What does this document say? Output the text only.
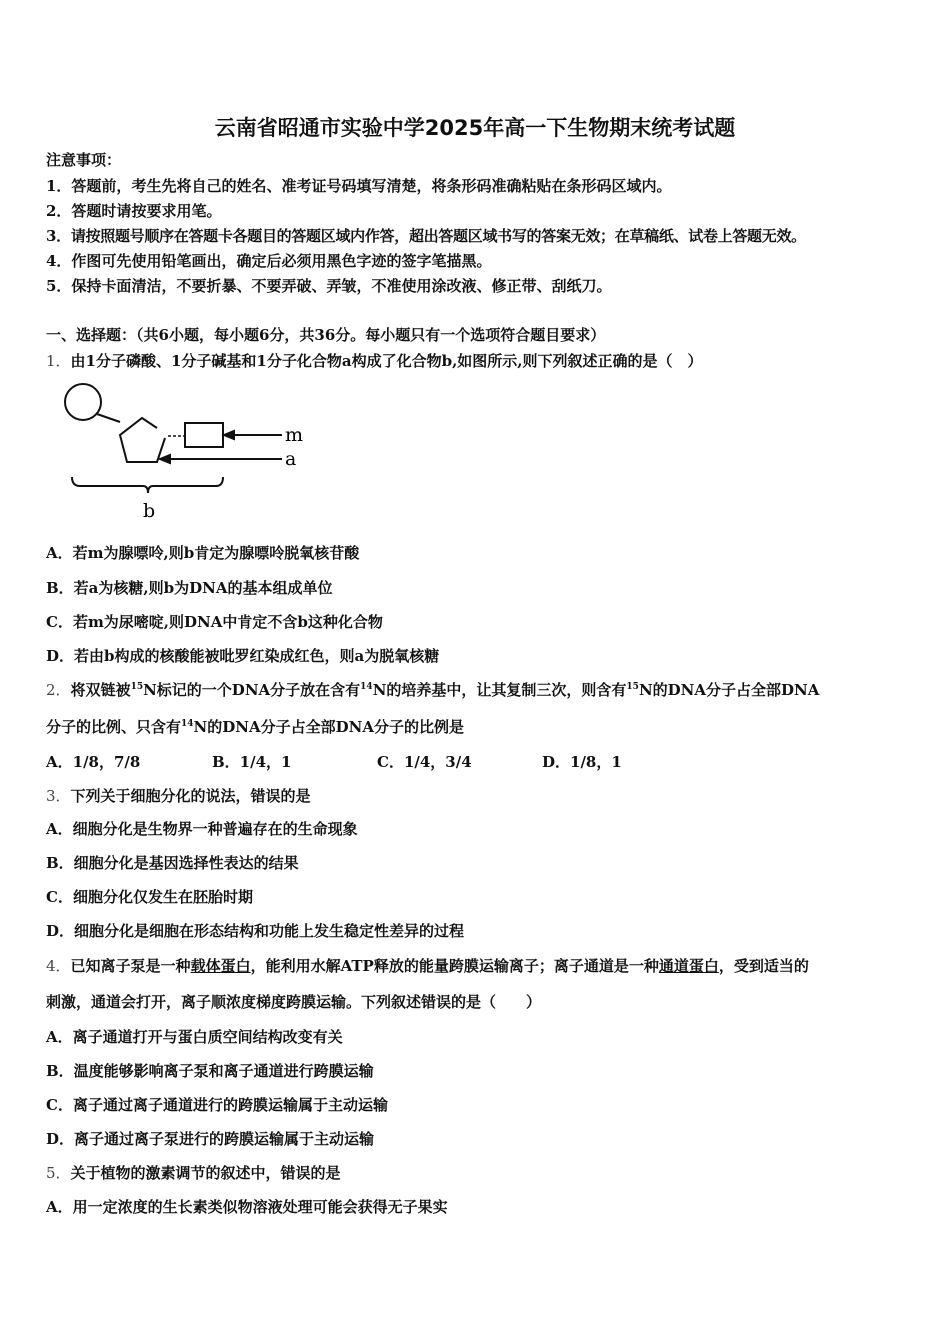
云南省昭通市实验中学2025年高一下生物期末统考试题
注意事项：
1．答题前，考生先将自己的姓名、准考证号码填写清楚，将条形码准确粘贴在条形码区域内。
2．答题时请按要求用笔。
3．请按照题号顺序在答题卡各题目的答题区域内作答，超出答题区域书写的答案无效；在草稿纸、试卷上答题无效。
4．作图可先使用铅笔画出，确定后必须用黑色字迹的签字笔描黑。
5．保持卡面清洁，不要折暴、不要弄破、弄皱，不准使用涂改液、修正带、刮纸刀。
一、选择题：（共6小题，每小题6分，共36分。每小题只有一个选项符合题目要求）
1．由1分子磷酸、1分子碱基和1分子化合物a构成了化合物b,如图所示,则下列叙述正确的是（　）
m
a
b
A．若m为腺嘌呤,则b肯定为腺嘌呤脱氧核苷酸
B．若a为核糖,则b为DNA的基本组成单位
C．若m为尿嘧啶,则DNA中肯定不含b这种化合物
D．若由b构成的核酸能被吡罗红染成红色，则a为脱氧核糖
2．将双链被$^{15}$N标记的一个DNA分子放在含有$^{14}$N的培养基中，让其复制三次，则含有$^{15}$N的DNA分子占全部DNA
分子的比例、只含有$^{14}$N的DNA分子占全部DNA分子的比例是
A．1/8，7/8	B．1/4，1	C．1/4，3/4	D．1/8，1
3．下列关于细胞分化的说法，错误的是
A．细胞分化是生物界一种普遍存在的生命现象
B．细胞分化是基因选择性表达的结果
C．细胞分化仅发生在胚胎时期
D．细胞分化是细胞在形态结构和功能上发生稳定性差异的过程
4．已知离子泵是一种载体蛋白，能利用水解ATP释放的能量跨膜运输离子；离子通道是一种通道蛋白，受到适当的
刺激，通道会打开，离子顺浓度梯度跨膜运输。下列叙述错误的是（　　）
A．离子通道打开与蛋白质空间结构改变有关
B．温度能够影响离子泵和离子通道进行跨膜运输
C．离子通过离子通道进行的跨膜运输属于主动运输
D．离子通过离子泵进行的跨膜运输属于主动运输
5．关于植物的激素调节的叙述中，错误的是
A．用一定浓度的生长素类似物溶液处理可能会获得无子果实
